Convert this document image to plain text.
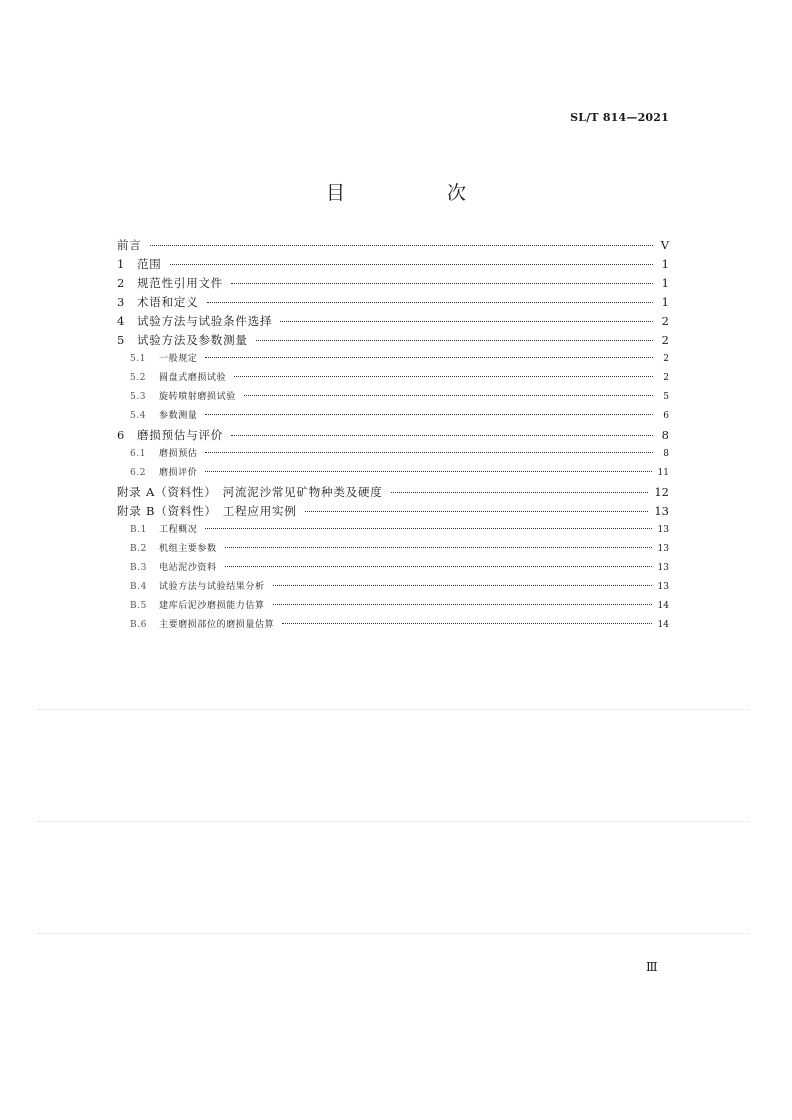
SL/T 814—2021
目 次
前言	V
1	范围	1
2	规范性引用文件	1
3	术语和定义	1
4	试验方法与试验条件选择	2
5	试验方法及参数测量	2
5.1	一般规定	2
5.2	圆盘式磨损试验	2
5.3	旋转喷射磨损试验	5
5.4	参数测量	6
6	磨损预估与评价	8
6.1	磨损预估	8
6.2	磨损评价	11
附录 A（资料性） 河流泥沙常见矿物种类及硬度	12
附录 B（资料性） 工程应用实例	13
B.1	工程概况	13
B.2	机组主要参数	13
B.3	电站泥沙资料	13
B.4	试验方法与试验结果分析	13
B.5	建库后泥沙磨损能力估算	14
B.6	主要磨损部位的磨损量估算	14
Ⅲ
